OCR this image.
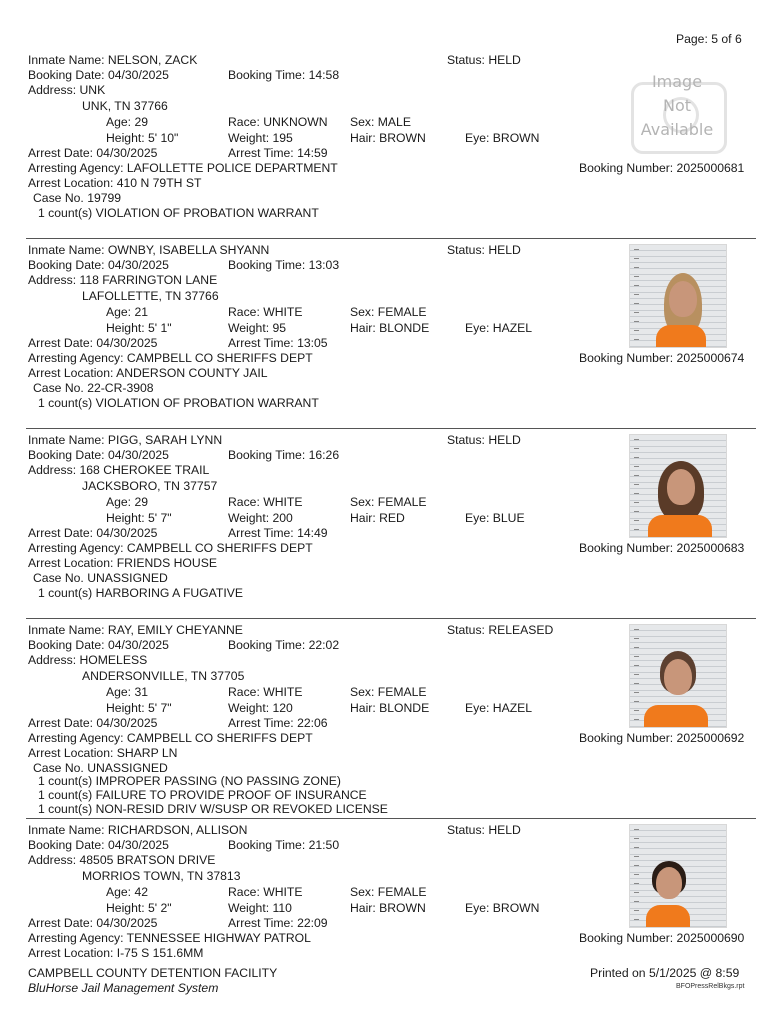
Page: 5 of 6
Inmate Name: NELSON, ZACK	Status: HELD
Booking Date: 04/30/2025	Booking Time: 14:58
Address: UNK
UNK, TN 37766
Age: 29	Race: UNKNOWN Sex: MALE
Height: 5' 10"	Weight: 195	Hair: BROWN	Eye: BROWN
Arrest Date: 04/30/2025	Arrest Time: 14:59
Arresting Agency: LAFOLLETTE POLICE DEPARTMENT	Booking Number: 2025000681
Arrest Location: 410 N 79TH ST
Case No. 19799
1 count(s) VIOLATION OF PROBATION WARRANT
Image
Not
Available
Inmate Name: OWNBY, ISABELLA SHYANN	Status: HELD
Booking Date: 04/30/2025	Booking Time: 13:03
Address: 118 FARRINGTON LANE
LAFOLLETTE, TN 37766
Age: 21	Race: WHITE	Sex: FEMALE
Height: 5' 1"	Weight: 95	Hair: BLONDE	Eye: HAZEL
Arrest Date: 04/30/2025	Arrest Time: 13:05
Arresting Agency: CAMPBELL CO SHERIFFS DEPT	Booking Number: 2025000674
Arrest Location: ANDERSON COUNTY JAIL
Case No. 22-CR-3908
1 count(s) VIOLATION OF PROBATION WARRANT
Inmate Name: PIGG, SARAH LYNN	Status: HELD
Booking Date: 04/30/2025	Booking Time: 16:26
Address: 168 CHEROKEE TRAIL
JACKSBORO, TN 37757
Age: 29	Race: WHITE	Sex: FEMALE
Height: 5' 7"	Weight: 200	Hair: RED	Eye: BLUE
Arrest Date: 04/30/2025	Arrest Time: 14:49
Arresting Agency: CAMPBELL CO SHERIFFS DEPT	Booking Number: 2025000683
Arrest Location: FRIENDS HOUSE
Case No. UNASSIGNED
1 count(s) HARBORING A FUGATIVE
Inmate Name: RAY, EMILY CHEYANNE	Status: RELEASED
Booking Date: 04/30/2025	Booking Time: 22:02
Address: HOMELESS
ANDERSONVILLE, TN 37705
Age: 31	Race: WHITE	Sex: FEMALE
Height: 5' 7"	Weight: 120	Hair: BLONDE	Eye: HAZEL
Arrest Date: 04/30/2025	Arrest Time: 22:06
Arresting Agency: CAMPBELL CO SHERIFFS DEPT	Booking Number: 2025000692
Arrest Location: SHARP LN
Case No. UNASSIGNED
1 count(s) IMPROPER PASSING (NO PASSING ZONE)
1 count(s) FAILURE TO PROVIDE PROOF OF INSURANCE
1 count(s) NON-RESID DRIV W/SUSP OR REVOKED LICENSE
Inmate Name: RICHARDSON, ALLISON	Status: HELD
Booking Date: 04/30/2025	Booking Time: 21:50
Address: 48505 BRATSON DRIVE
MORRIOS TOWN, TN 37813
Age: 42	Race: WHITE	Sex: FEMALE
Height: 5' 2"	Weight: 110	Hair: BROWN	Eye: BROWN
Arrest Date: 04/30/2025	Arrest Time: 22:09
Arresting Agency: TENNESSEE HIGHWAY PATROL	Booking Number: 2025000690
Arrest Location: I-75 S 151.6MM
CAMPBELL COUNTY DETENTION FACILITY
BluHorse Jail Management System
Printed on 5/1/2025 @ 8:59
BFOPressRelBkgs.rpt
